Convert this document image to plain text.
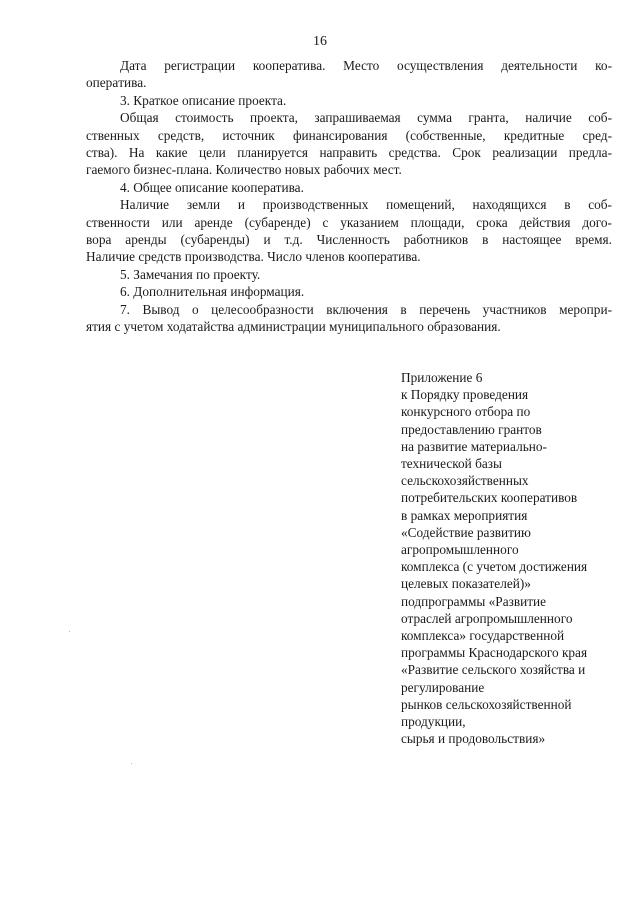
16
Дата регистрации кооператива. Место осуществления деятельности ко-
оперaтива.
3. Краткое описание проекта.
Общая стоимость проекта, запрашиваемая сумма гранта, наличие соб-
ственных средств, источник финансирования (собственные, кредитные сред-
ства). На какие цели планируется направить средства. Срок реализации предла-
гаемого бизнес-плана. Количество новых рабочих мест.
4. Общее описание кооператива.
Наличие земли и производственных помещений, находящихся в соб-
ственности или аренде (субаренде) с указанием площади, срока действия дого-
вора аренды (субаренды) и т.д. Численность работников в настоящее время.
Наличие средств производства. Число членов кооператива.
5. Замечания по проекту.
6. Дополнительная информация.
7. Вывод о целесообразности включения в перечень участников меропри-
ятия с учетом ходатайства администрации муниципального образования.
Приложение 6
к Порядку проведения
конкурсного отбора по
предоставлению грантов
на развитие материально-
технической базы
сельскохозяйственных
потребительских кооперативов
в рамках мероприятия
«Содействие развитию
агропромышленного
комплекса (с учетом достижения
целевых показателей)»
подпрограммы «Развитие
отраслей агропромышленного
комплекса» государственной
программы Краснодарского края
«Развитие сельского хозяйства и
регулирование
рынков сельскохозяйственной
продукции,
сырья и продовольствия»
